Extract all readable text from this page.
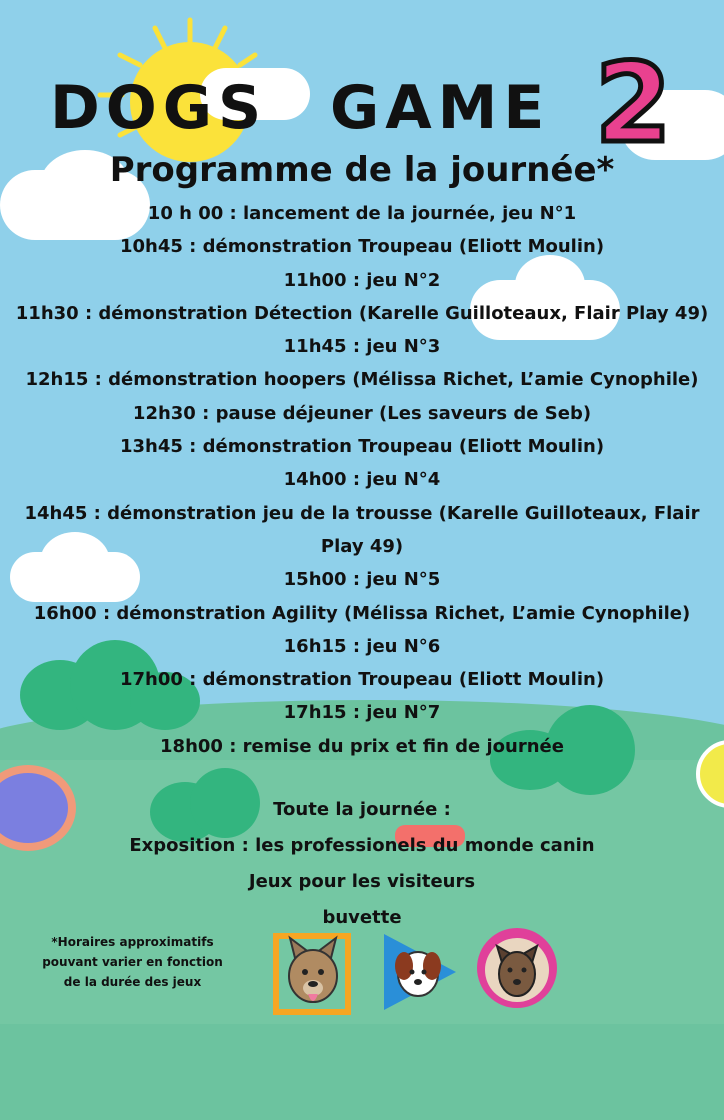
DOGS GAME 2
Programme de la journée*
10 h 00 : lancement de la journée, jeu N°1
10h45 : démonstration Troupeau (Eliott Moulin)
11h00 : jeu N°2
11h30 : démonstration Détection (Karelle Guilloteaux, Flair Play 49)
11h45 : jeu N°3
12h15 : démonstration hoopers (Mélissa Richet, L’amie Cynophile)
12h30 : pause déjeuner (Les saveurs de Seb)
13h45 : démonstration Troupeau (Eliott Moulin)
14h00 : jeu N°4
14h45 : démonstration jeu de la trousse (Karelle Guilloteaux, Flair
Play 49)
15h00 : jeu N°5
16h00 : démonstration Agility (Mélissa Richet, L’amie Cynophile)
16h15 : jeu N°6
17h00 : démonstration Troupeau (Eliott Moulin)
17h15 : jeu N°7
18h00 : remise du prix et fin de journée
Toute la journée :
Exposition : les professionels du monde canin
Jeux pour les visiteurs
buvette
*Horaires approximatifs
pouvant varier en fonction
de la durée des jeux
